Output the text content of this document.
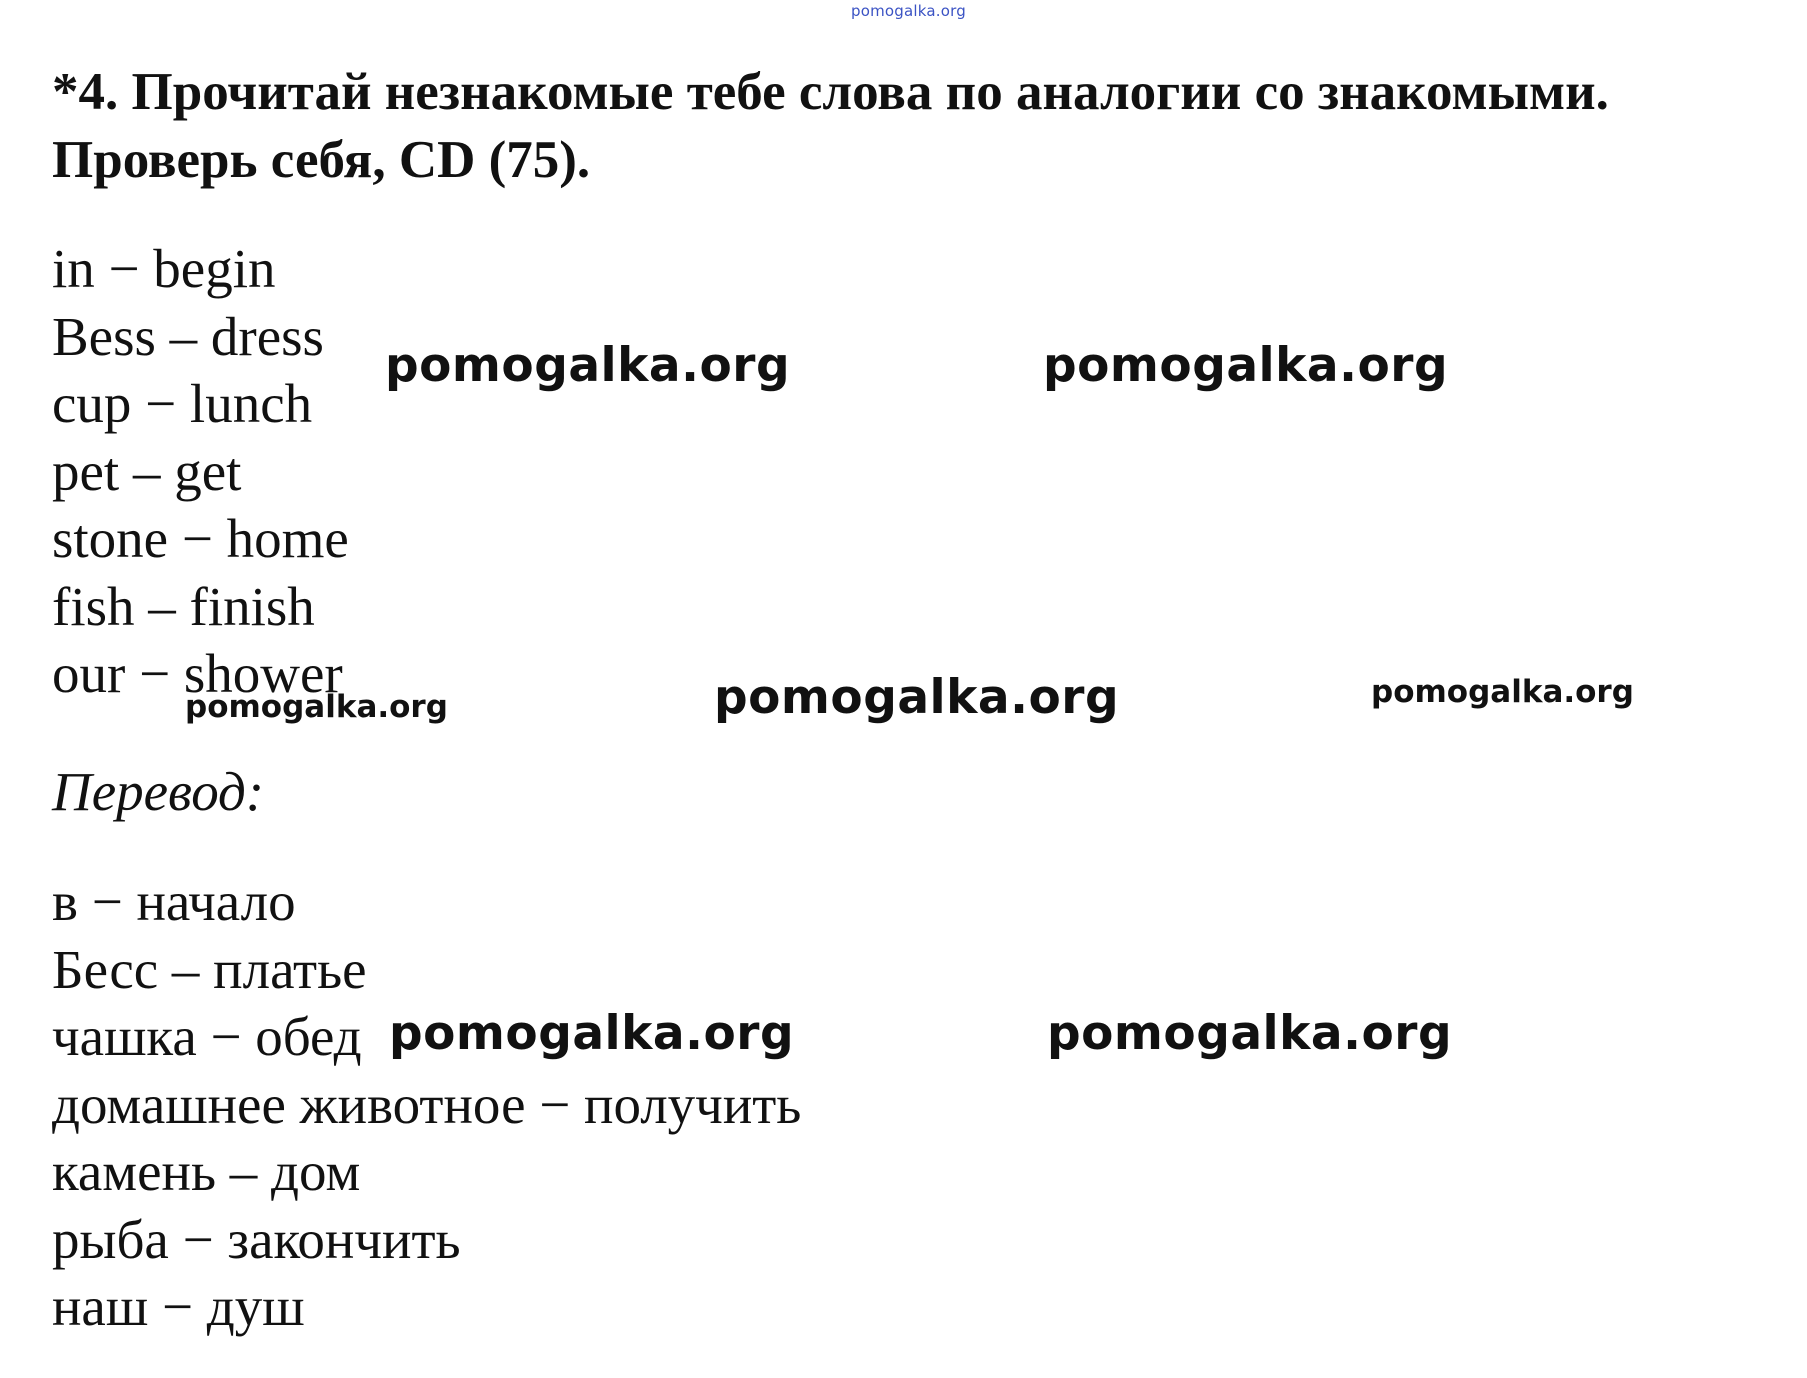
pomogalka.org
*4. Прочитай незнакомые тебе слова по аналогии со знакомыми. Проверь себя, CD (75).
in − begin
Bess – dress
cup − lunch
pet – get
stone − home
fish – finish
our − shower
Перевод:
в − начало
Бесс – платье
чашка − обед
домашнее животное − получить
камень – дом
рыба − закончить
наш − душ
pomogalka.org	pomogalka.org
pomogalka.org	pomogalka.org	pomogalka.org
pomogalka.org	pomogalka.org
